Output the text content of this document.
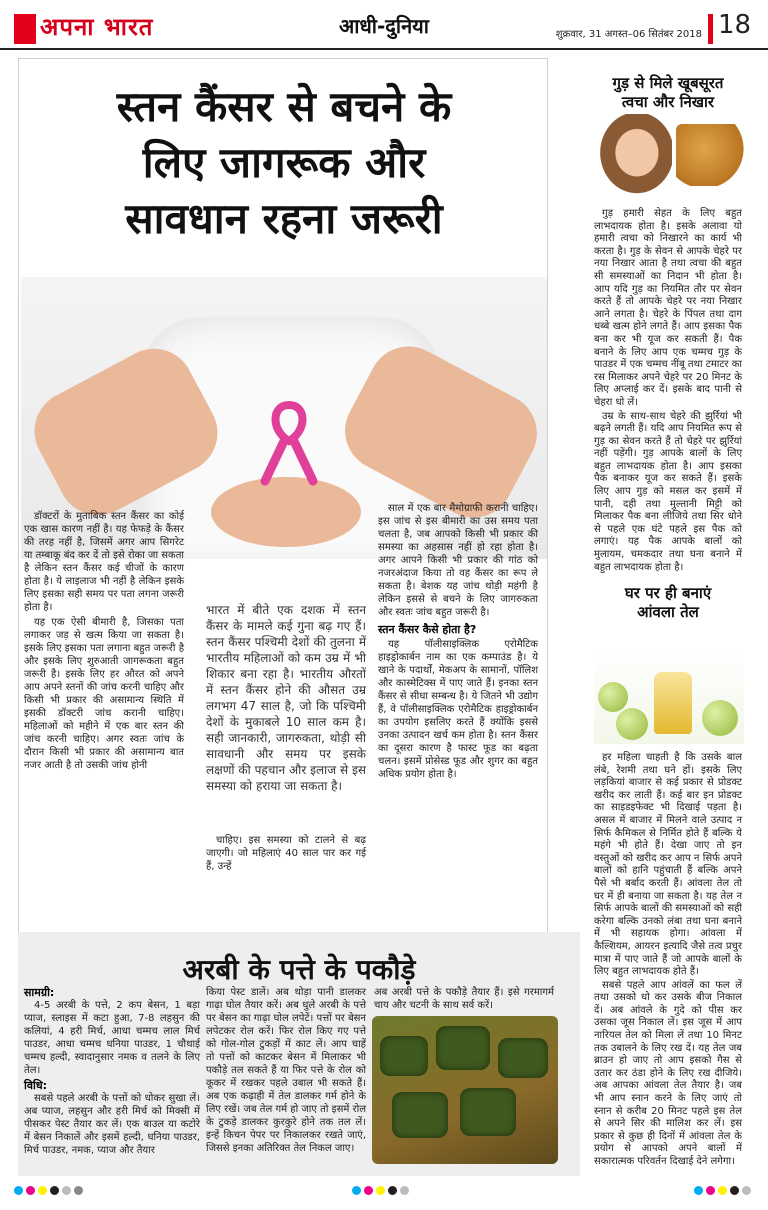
अपना भारत	आधी-दुनिया	शुक्रवार, 31 अगस्त–06 सितंबर 2018 18
स्तन कैंसर से बचने के
लिए जागरूक और
सावधान रहना जरूरी

डॉक्टरों के मुताबिक स्तन कैंसर का कोई एक खास कारण नहीं है। यह फेफड़े के कैंसर की तरह नहीं है, जिसमें अगर आप सिगरेट या तम्बाकू बंद कर दें तो इसे रोका जा सकता है लेकिन स्तन कैंसर कई चीजों के कारण होता है। ये लाइलाज भी नहीं है लेकिन इसके लिए इसका सही समय पर पता लगना जरूरी होता है।

यह एक ऐसी बीमारी है, जिसका पता लगाकर जड़ से खत्म किया जा सकता है। इसके लिए इसका पता लगाना बहुत जरूरी है और इसके लिए शुरुआती जागरूकता बहुत जरूरी है। इसके लिए हर औरत को अपने आप अपने स्तनों की जांच करनी चाहिए और किसी भी प्रकार की असामान्य स्थिति में इसकी डॉक्टरी जांच करानी चाहिए। महिलाओं को महीने में एक बार स्तन की जांच करनी चाहिए। अगर स्वतः जांच के दौरान किसी भी प्रकार की असामान्य बात नजर आती है तो उसकी जांच होनी

भारत में बीते एक दशक में स्तन कैंसर के मामले कई गुना बढ़ गए हैं। स्तन कैंसर पश्चिमी देशों की तुलना में भारतीय महिलाओं को कम उम्र में भी शिकार बना रहा है। भारतीय औरतों में स्तन कैंसर होने की औसत उम्र लगभग 47 साल है, जो कि पश्चिमी देशों के मुकाबले 10 साल कम है। सही जानकारी, जागरुकता, थोड़ी सी सावधानी और समय पर इसके लक्षणों की पहचान और इलाज से इस समस्या को हराया जा सकता है।

चाहिए। इस समस्या को टालने से बढ़ जाएगी। जो महिलाएं 40 साल पार कर गई हैं, उन्हें

साल में एक बार मैमोग्राफी करानी चाहिए। इस जांच से इस बीमारी का उस समय पता चलता है, जब आपको किसी भी प्रकार की समस्या का अहसास नहीं हो रहा होता है। अगर आपने किसी भी प्रकार की गांठ को नजरअंदाज किया तो वह कैंसर का रूप ले सकता है। बेशक यह जांच थोड़ी महंगी है लेकिन इससे से बचने के लिए जागरुकता और स्वतः जांच बहुत जरूरी है।

स्तन कैंसर कैसे होता है?

यह पॉलीसाइक्लिक एरोमैटिक हाइड्रोकार्बन नाम का एक कम्पाउंड है। ये खाने के पदार्थों, मेकअप के सामानों, पॉलिश और कास्मेटिक्स में पाए जाते हैं। इनका स्तन कैंसर से सीधा सम्बन्ध है। ये जितने भी उद्योग हैं, वे पॉलीसाइक्लिक एरोमैटिक हाइड्रोकार्बन का उपयोग इसलिए करते हैं क्योंकि इससे उनका उत्पादन खर्च कम होता है। स्तन कैंसर का दूसरा कारण है फास्ट फूड का बढ़ता चलन। इसमें प्रोसेस्ड फूड और शुगर का बहुत अधिक प्रयोग होता है।

अरबी के पत्ते के पकौड़े
सामग्री:

4-5 अरबी के पत्ते, 2 कप बेसन, 1 बड़ा प्याज, स्लाइस में कटा हुआ, 7-8 लहसुन की कलियां, 4 हरी मिर्च, आधा चम्मच लाल मिर्च पाउडर, आधा चम्मच धनिया पाउडर, 1 चौथाई चम्मच हल्दी, स्वादानुसार नमक व तलने के लिए तेल।

विधि:

सबसे पहले अरबी के पत्तों को धोकर सुखा लें। अब प्याज, लहसुन और हरी मिर्च को मिक्सी में पीसकर पेस्ट तैयार कर लें। एक बाउल या कटोरे में बेसन निकालें और इसमें हल्दी, धनिया पाउडर, मिर्च पाउडर, नमक, प्याज और तैयार

किया पेस्ट डालें। अब थोड़ा पानी डालकर गाढ़ा घोल तैयार करें। अब धुले अरबी के पत्ते पर बेसन का गाढ़ा घोल लपेटें। पत्तों पर बेसन लपेटकर रोल करें। फिर रोल किए गए पत्ते को गोल-गोल टुकड़ों में काट लें। आप चाहें तो पत्तों को काटकर बेसन में मिलाकर भी पकौड़े तल सकते हैं या फिर पत्ते के रोल को कूकर में रखकर पहले उबाल भी सकते हैं। अब एक कढ़ाही में तेल डालकर गर्म होने के लिए रखें। जब तेल गर्म हो जाए तो इसमें रोल के टुकड़े डालकर कुरकुरे होने तक तल लें। इन्हें किचन पेपर पर निकालकर रखते जाएं, जिससे इनका अतिरिक्त तेल निकल जाए।
अब अरबी पत्ते के पकौड़े तैयार हैं। इसे गरमागर्म चाय और चटनी के साथ सर्व करें।
गुड़ से मिले खूबसूरत
त्वचा और निखार

गुड़ हमारी सेहत के लिए बहुत लाभदायक होता है। इसके अलावा यो हमारी त्वचा को निखारने का कार्य भी करता है। गुड़ के सेवन से आपके चेहरे पर नया निखार आता है तथा त्वचा की बहुत सी समस्याओं का निदान भी होता है। आप यदि गुड़ का नियमित तौर पर सेवन करते हैं तो आपके चेहरे पर नया निखार आने लगता है। चेहरे के पिंपल तथा दाग धब्बे खत्म होने लगते हैं। आप इसका पैक बना कर भी यूज कर सकती हैं। पैक बनाने के लिए आप एक चम्मच गुड़ के पाउडर में एक चम्मच नींबू तथा टमाटर का रस मिलाकर अपने चेहरे पर 20 मिनट के लिए अप्लाई कर दें। इसके बाद पानी से चेहरा धो लें।

उम्र के साथ-साथ चेहरे की झुर्रियां भी बढ़ने लगती हैं। यदि आप नियमित रूप से गुड़ का सेवन करते हैं तो चेहरे पर झुर्रियां नहीं पड़ेंगी। गुड़ आपके बालों के लिए बहुत लाभदायक होता है। आप इसका पैक बनाकर यूज कर सकते हैं। इसके लिए आप गुड़ को मसल कर इसमें में पानी, दही तथा मुल्तानी मिट्टी को मिलाकर पैक बना लीजिये तथा सिर धोने से पहले एक घंटे पहले इस पैक को लगाएं। यह पैक आपके बालों को मुलायम, चमकदार तथा घना बनाने में बहुत लाभदायक होता है।

घर पर ही बनाएं
आंवला तेल

हर महिला चाहती है कि उसके बाल लंबे, रेशमी तथा घने हों। इसके लिए लड़कियां बाजार से कई प्रकार से प्रोडक्ट खरीद कर लाती हैं। कई बार इन प्रोडक्ट का साइडइफेक्ट भी दिखाई पड़ता है। असल में बाजार में मिलने वाले उत्पाद न सिर्फ कैमिकल से निर्मित होते हैं बल्कि ये महंगे भी होते हैं। देखा जाए तो इन वस्तुओं को खरीद कर आप न सिर्फ अपने बालों को हानि पहुंचाती हैं बल्कि अपने पैसे भी बर्बाद करती हैं। आंवला तेल तो घर में ही बनाया जा सकता है। यह तेल न सिर्फ आपके बालों की समस्याओं को सही करेगा बल्कि उनको लंबा तथा घना बनाने में भी सहायक होगा। आंवला में कैल्शियम, आयरन इत्यादि जैसे तत्व प्रचुर मात्रा में पाए जाते हैं जो आपके बालों के लिए बहुत लाभदायक होते हैं।

सबसे पहले आप आंवलें का फल लें तथा उसको धो कर उसके बीज निकाल दें। अब आंवले के गुदे को पीस कर उसका जूस निकाल लें। इस जूस में आप नारियल तेल को मिला लें तथा 10 मिनट तक उबालने के लिए रख दें। यह तेल जब ब्राउन हो जाए तो आप इसको गैस से उतार कर ठंडा होने के लिए रख दीजिये। अब आपका आंवला तेल तैयार है। जब भी आप स्नान करने के लिए जाएं तो स्नान से करीब 20 मिनट पहले इस तेल से अपने सिर की मालिश कर लें। इस प्रकार से कुछ ही दिनों में आंवला तेल के प्रयोग से आपको अपने बालों में सकारात्मक परिवर्तन दिखाई देने लगेगा।
